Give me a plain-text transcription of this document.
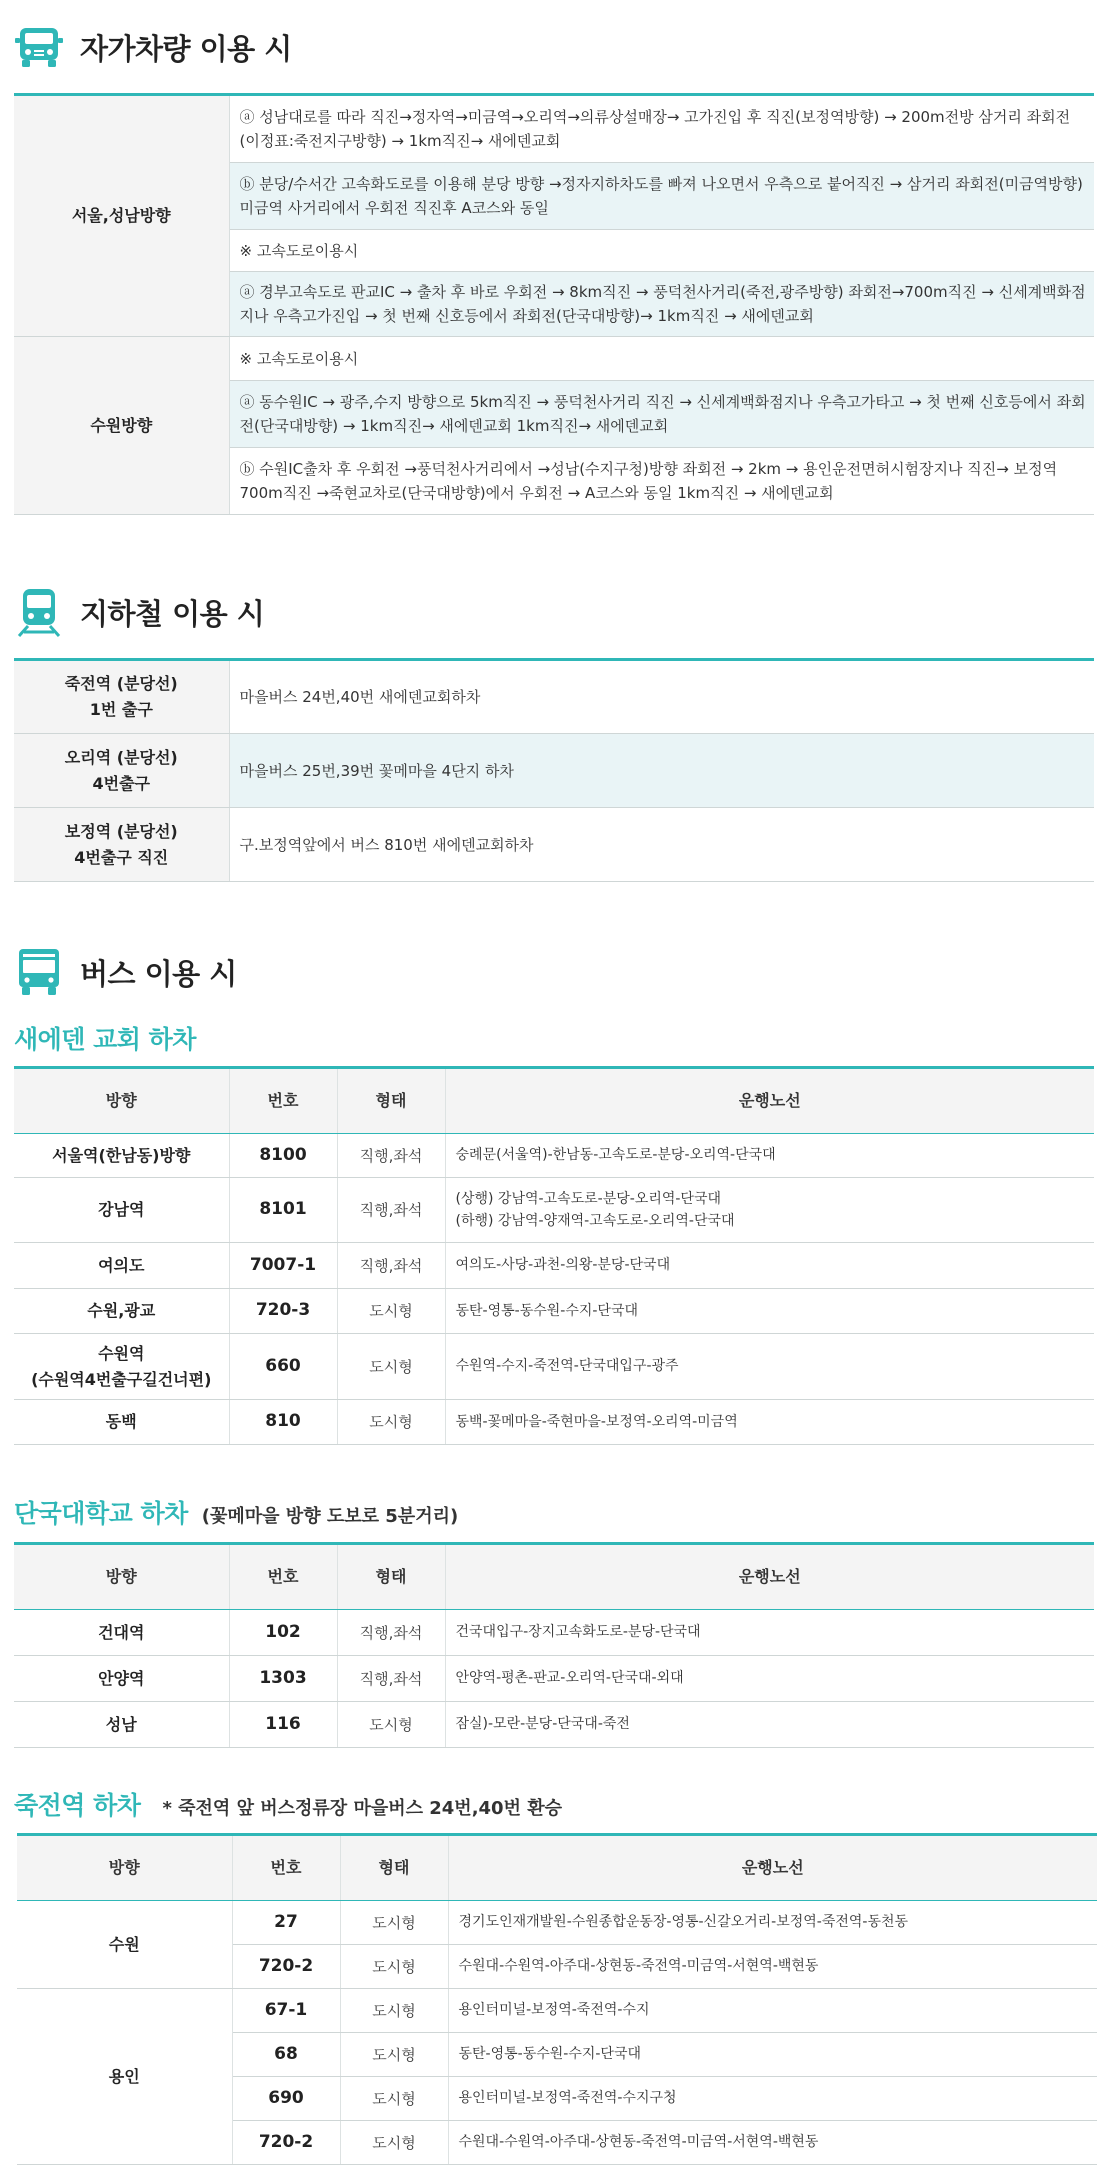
자가차량 이용 시
서울,성남방향	ⓐ 성남대로를 따라 직진→정자역→미금역→오리역→의류상설매장→ 고가진입 후 직진(보정역방향) → 200m전방 삼거리 좌회전(이정표:죽전지구방향) → 1km직진→ 새에덴교회
	ⓑ 분당/수서간 고속화도로를 이용해 분당 방향 →정자지하차도를 빠져 나오면서 우측으로 붙어직진 → 삼거리 좌회전(미금역방향) 미금역 사거리에서 우회전 직진후 A코스와 동일
	※ 고속도로이용시
	ⓐ 경부고속도로 판교IC → 출차 후 바로 우회전 → 8km직진 → 풍덕천사거리(죽전,광주방향) 좌회전→700m직진 → 신세계백화점지나 우측고가진입 → 첫 번째 신호등에서 좌회전(단국대방향)→ 1km직진 → 새에덴교회
수원방향	※ 고속도로이용시
	ⓐ 동수원IC → 광주,수지 방향으로 5km직진 → 풍덕천사거리 직진 → 신세계백화점지나 우측고가타고 → 첫 번째 신호등에서 좌회전(단국대방향) → 1km직진→ 새에덴교회 1km직진→ 새에덴교회
	ⓑ 수원IC출차 후 우회전 →풍덕천사거리에서 →성남(수지구청)방향 좌회전 → 2km → 용인운전면허시험장지나 직진→ 보정역 700m직진 →죽현교차로(단국대방향)에서 우회전 → A코스와 동일 1km직진 → 새에덴교회
지하철 이용 시
죽전역 (분당선)
1번 출구	마을버스 24번,40번 새에덴교회하차

오리역 (분당선)
4번출구	마을버스 25번,39번 꽃메마을 4단지 하차

보정역 (분당선)
4번출구 직진	구.보정역앞에서 버스 810번 새에덴교회하차
버스 이용 시
새에덴 교회 하차
방향	번호	형태	운행노선
서울역(한남동)방향	8100	직행,좌석	숭례문(서울역)-한남동-고속도로-분당-오리역-단국대
강남역	8101	직행,좌석	(상행) 강남역-고속도로-분당-오리역-단국대
(하행) 강남역-양재역-고속도로-오리역-단국대

여의도	7007-1	직행,좌석	여의도-사당-과천-의왕-분당-단국대
수원,광교	720-3	도시형	동탄-영통-동수원-수지-단국대

수원역
(수원역4번출구길건너편)	660	도시형	수원역-수지-죽전역-단국대입구-광주
동백	810	도시형	동백-꽃메마을-죽현마을-보정역-오리역-미금역
단국대학교 하차 (꽃메마을 방향 도보로 5분거리)
방향	번호	형태	운행노선
건대역	102	직행,좌석	건국대입구-장지고속화도로-분당-단국대
안양역	1303	직행,좌석	안양역-평촌-판교-오리역-단국대-외대
성남	116	도시형	잠실)-모란-분당-단국대-죽전
죽전역 하차 * 죽전역 앞 버스정류장 마을버스 24번,40번 환승
방향	번호	형태	운행노선
수원	27	도시형	경기도인재개발원-수원종합운동장-영통-신갈오거리-보정역-죽전역-동천동
	720-2	도시형	수원대-수원역-아주대-상현동-죽전역-미금역-서현역-백현동
용인	67-1	도시형	용인터미널-보정역-죽전역-수지
	68	도시형	동탄-영통-동수원-수지-단국대
	690	도시형	용인터미널-보정역-죽전역-수지구청
	720-2	도시형	수원대-수원역-아주대-상현동-죽전역-미금역-서현역-백현동
